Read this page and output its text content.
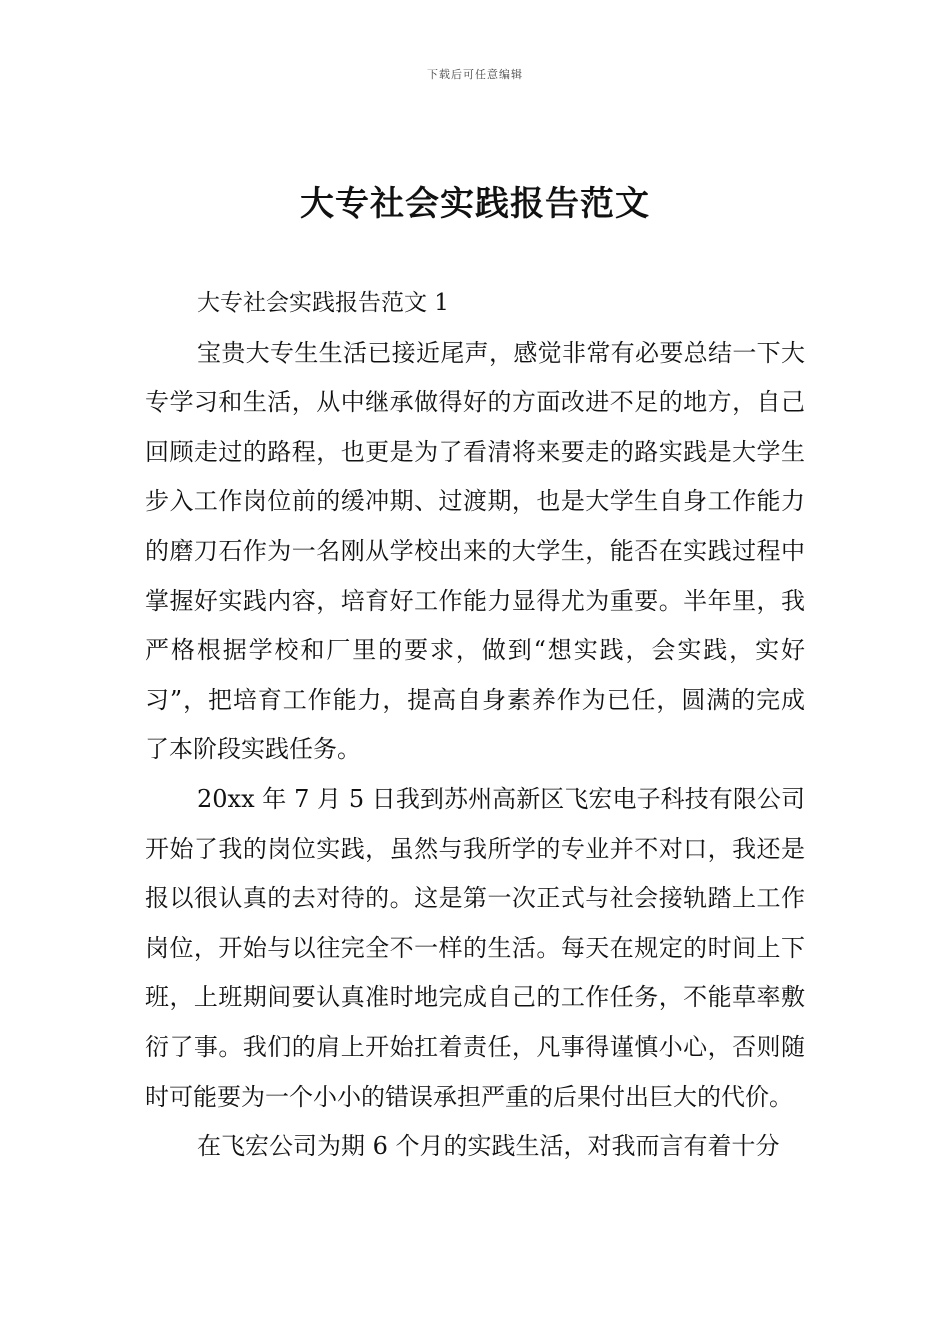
下载后可任意编辑
大专社会实践报告范文

大专社会实践报告范文 1

宝贵大专生生活已接近尾声，感觉非常有必要总结一下大专学习和生活，从中继承做得好的方面改进不足的地方，自己回顾走过的路程，也更是为了看清将来要走的路实践是大学生步入工作岗位前的缓冲期、过渡期，也是大学生自身工作能力的磨刀石作为一名刚从学校出来的大学生，能否在实践过程中掌握好实践内容，培育好工作能力显得尤为重要。半年里，我严格根据学校和厂里的要求，做到“想实践，会实践，实好习”，把培育工作能力，提高自身素养作为已任，圆满的完成了本阶段实践任务。

20xx 年 7 月 5 日我到苏州高新区飞宏电子科技有限公司开始了我的岗位实践，虽然与我所学的专业并不对口，我还是报以很认真的去对待的。这是第一次正式与社会接轨踏上工作岗位，开始与以往完全不一样的生活。每天在规定的时间上下班，上班期间要认真准时地完成自己的工作任务，不能草率敷衍了事。我们的肩上开始扛着责任，凡事得谨慎小心，否则随时可能要为一个小小的错误承担严重的后果付出巨大的代价。

在飞宏公司为期 6 个月的实践生活，对我而言有着十分
